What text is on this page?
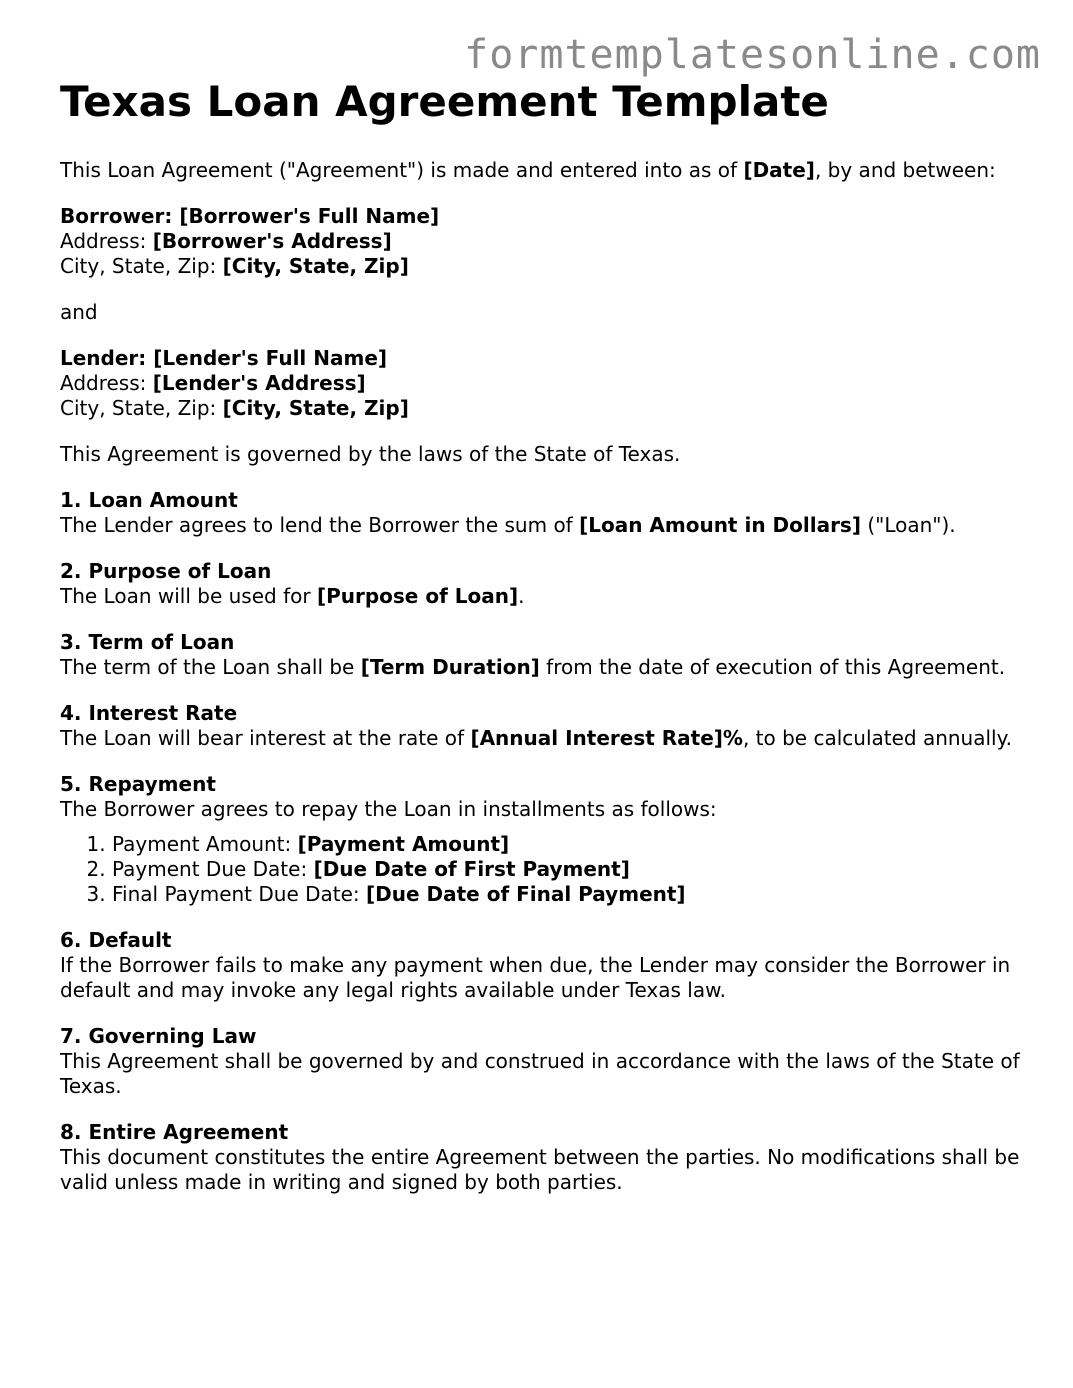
formtemplatesonline.com
Texas Loan Agreement Template

This Loan Agreement ("Agreement") is made and entered into as of [Date], by and between:

Borrower: [Borrower's Full Name]
Address: [Borrower's Address]
City, State, Zip: [City, State, Zip]

and

Lender: [Lender's Full Name]
Address: [Lender's Address]
City, State, Zip: [City, State, Zip]

This Agreement is governed by the laws of the State of Texas.

1. Loan Amount
The Lender agrees to lend the Borrower the sum of [Loan Amount in Dollars] ("Loan").
2. Purpose of Loan
The Loan will be used for [Purpose of Loan].
3. Term of Loan
The term of the Loan shall be [Term Duration] from the date of execution of this Agreement.
4. Interest Rate
The Loan will bear interest at the rate of [Annual Interest Rate]%, to be calculated annually.
5. Repayment
The Borrower agrees to repay the Loan in installments as follows:
1. Payment Amount: [Payment Amount]
2. Payment Due Date: [Due Date of First Payment]
3. Final Payment Due Date: [Due Date of Final Payment]
6. Default
If the Borrower fails to make any payment when due, the Lender may consider the Borrower in default and may invoke any legal rights available under Texas law.
7. Governing Law
This Agreement shall be governed by and construed in accordance with the laws of the State of Texas.
8. Entire Agreement
This document constitutes the entire Agreement between the parties. No modifications shall be valid unless made in writing and signed by both parties.
